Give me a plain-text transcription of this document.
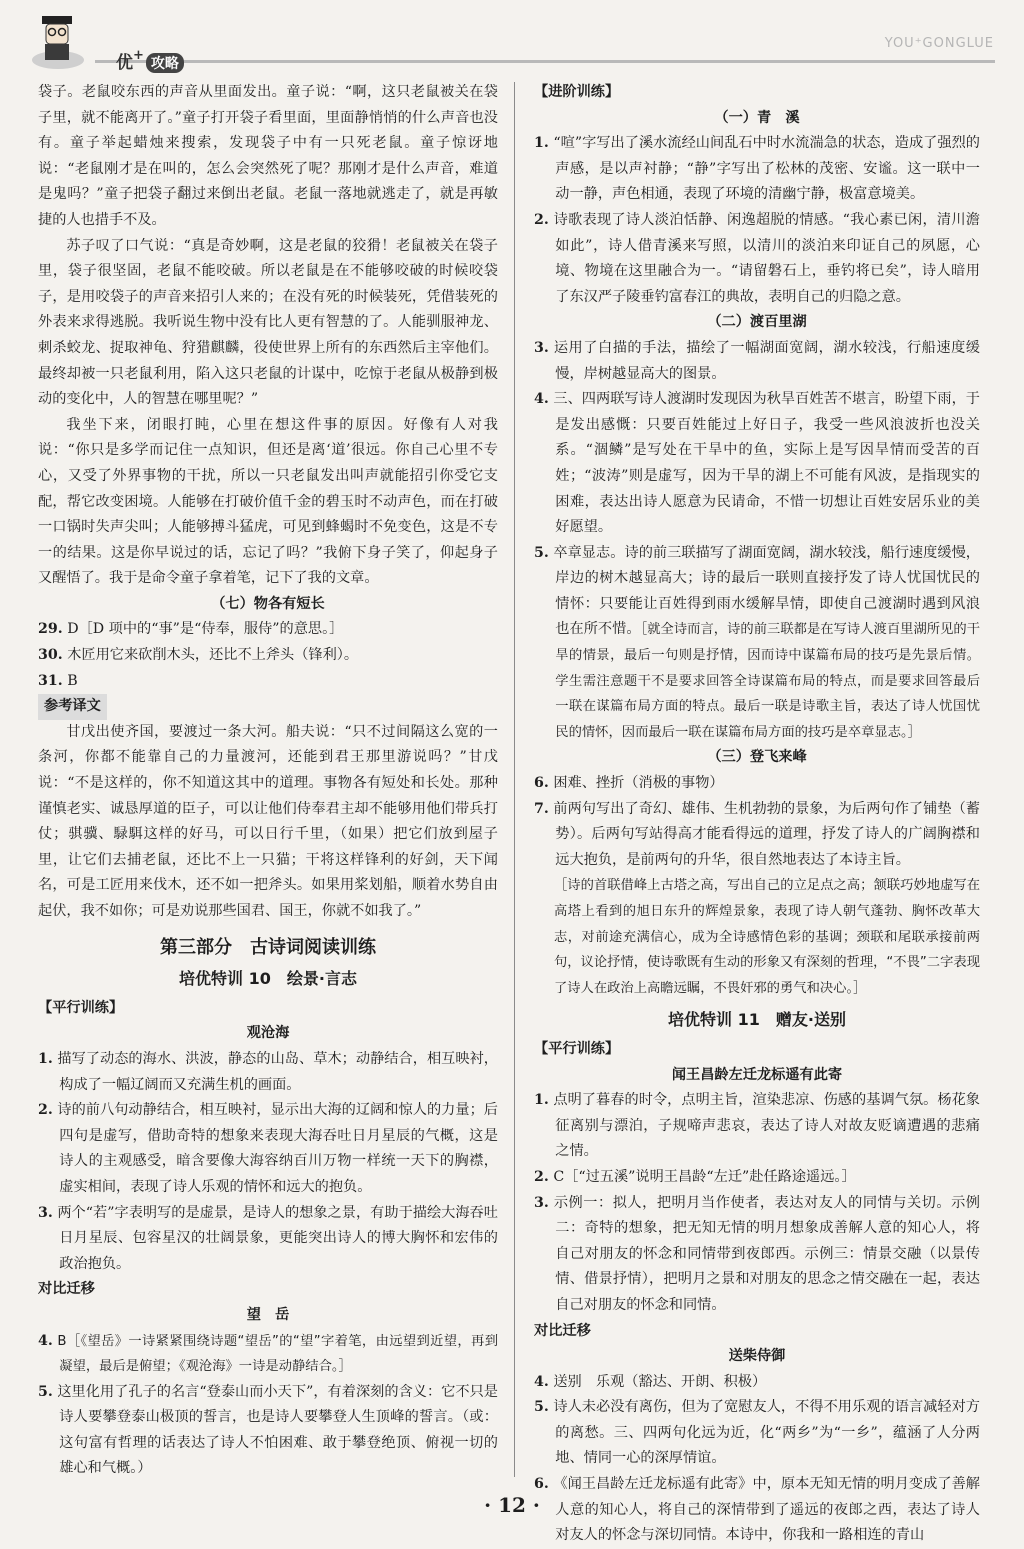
优+攻略
YOU⁺GONGLUE

袋子。老鼠咬东西的声音从里面发出。童子说：“啊，这只老鼠被关在袋子里，就不能离开了。”童子打开袋子看里面，里面静悄悄的什么声音也没有。童子举起蜡烛来搜索，发现袋子中有一只死老鼠。童子惊讶地说：“老鼠刚才是在叫的，怎么会突然死了呢？那刚才是什么声音，难道是鬼吗？”童子把袋子翻过来倒出老鼠。老鼠一落地就逃走了，就是再敏捷的人也措手不及。

苏子叹了口气说：“真是奇妙啊，这是老鼠的狡猾！老鼠被关在袋子里，袋子很坚固，老鼠不能咬破。所以老鼠是在不能够咬破的时候咬袋子，是用咬袋子的声音来招引人来的；在没有死的时候装死，凭借装死的外表来求得逃脱。我听说生物中没有比人更有智慧的了。人能驯服神龙、刺杀蛟龙、捉取神龟、狩猎麒麟，役使世界上所有的东西然后主宰他们。最终却被一只老鼠利用，陷入这只老鼠的计谋中，吃惊于老鼠从极静到极动的变化中，人的智慧在哪里呢？”

我坐下来，闭眼打盹，心里在想这件事的原因。好像有人对我说：“你只是多学而记住一点知识，但还是离‘道’很远。你自己心里不专心，又受了外界事物的干扰，所以一只老鼠发出叫声就能招引你受它支配，帮它改变困境。人能够在打破价值千金的碧玉时不动声色，而在打破一口锅时失声尖叫；人能够搏斗猛虎，可见到蜂蝎时不免变色，这是不专一的结果。这是你早说过的话，忘记了吗？”我俯下身子笑了，仰起身子又醒悟了。我于是命令童子拿着笔，记下了我的文章。

（七）物各有短长

29. D［D 项中的“事”是“侍奉，服侍”的意思。］

30. 木匠用它来砍削木头，还比不上斧头（锋利）。

31. B

参考译文

甘戊出使齐国，要渡过一条大河。船夫说：“只不过间隔这么宽的一条河，你都不能靠自己的力量渡河，还能到君王那里游说吗？”甘戊说：“不是这样的，你不知道这其中的道理。事物各有短处和长处。那种谨慎老实、诚恳厚道的臣子，可以让他们侍奉君主却不能够用他们带兵打仗；骐骥、騄駬这样的好马，可以日行千里，（如果）把它们放到屋子里，让它们去捕老鼠，还比不上一只猫；干将这样锋利的好剑，天下闻名，可是工匠用来伐木，还不如一把斧头。如果用桨划船，顺着水势自由起伏，我不如你；可是劝说那些国君、国王，你就不如我了。”

第三部分　古诗词阅读训练
培优特训 10　绘景·言志

【平行训练】

观沧海

1. 描写了动态的海水、洪波，静态的山岛、草木；动静结合，相互映衬，构成了一幅辽阔而又充满生机的画面。

2. 诗的前八句动静结合，相互映衬，显示出大海的辽阔和惊人的力量；后四句是虚写，借助奇特的想象来表现大海吞吐日月星辰的气概，这是诗人的主观感受，暗含要像大海容纳百川万物一样统一天下的胸襟，虚实相间，表现了诗人乐观的情怀和远大的抱负。

3. 两个“若”字表明写的是虚景，是诗人的想象之景，有助于描绘大海吞吐日月星辰、包容星汉的壮阔景象，更能突出诗人的博大胸怀和宏伟的政治抱负。

对比迁移

望　岳

4. B［《望岳》一诗紧紧围绕诗题“望岳”的“望”字着笔，由远望到近望，再到凝望，最后是俯望；《观沧海》一诗是动静结合。］

5. 这里化用了孔子的名言“登泰山而小天下”，有着深刻的含义：它不只是诗人要攀登泰山极顶的誓言，也是诗人要攀登人生顶峰的誓言。（或：这句富有哲理的话表达了诗人不怕困难、敢于攀登绝顶、俯视一切的雄心和气概。）

【进阶训练】

（一）青　溪

1. “喧”字写出了溪水流经山间乱石中时水流湍急的状态，造成了强烈的声感，是以声衬静；“静”字写出了松林的茂密、安谧。这一联中一动一静，声色相通，表现了环境的清幽宁静，极富意境美。

2. 诗歌表现了诗人淡泊恬静、闲逸超脱的情感。“我心素已闲，清川澹如此”，诗人借青溪来写照，以清川的淡泊来印证自己的夙愿，心境、物境在这里融合为一。“请留磐石上，垂钓将已矣”，诗人暗用了东汉严子陵垂钓富春江的典故，表明自己的归隐之意。

（二）渡百里湖

3. 运用了白描的手法，描绘了一幅湖面宽阔，湖水较浅，行船速度缓慢，岸树越显高大的图景。

4. 三、四两联写诗人渡湖时发现因为秋旱百姓苦不堪言，盼望下雨，于是发出感慨：只要百姓能过上好日子，我受一些风浪波折也没关系。“涸鳞”是写处在干旱中的鱼，实际上是写因旱情而受苦的百姓；“波涛”则是虚写，因为干旱的湖上不可能有风波，是指现实的困难，表达出诗人愿意为民请命，不惜一切想让百姓安居乐业的美好愿望。

5. 卒章显志。诗的前三联描写了湖面宽阔，湖水较浅，船行速度缓慢，岸边的树木越显高大；诗的最后一联则直接抒发了诗人忧国忧民的情怀：只要能让百姓得到雨水缓解旱情，即使自己渡湖时遇到风浪也在所不惜。［就全诗而言，诗的前三联都是在写诗人渡百里湖所见的干旱的情景，最后一句则是抒情，因而诗中谋篇布局的技巧是先景后情。学生需注意题干不是要求回答全诗谋篇布局的特点，而是要求回答最后一联在谋篇布局方面的特点。最后一联是诗歌主旨，表达了诗人忧国忧民的情怀，因而最后一联在谋篇布局方面的技巧是卒章显志。］

（三）登飞来峰

6. 困难、挫折（消极的事物）

7. 前两句写出了奇幻、雄伟、生机勃勃的景象，为后两句作了铺垫（蓄势）。后两句写站得高才能看得远的道理，抒发了诗人的广阔胸襟和远大抱负，是前两句的升华，很自然地表达了本诗主旨。

［诗的首联借峰上古塔之高，写出自己的立足点之高；颔联巧妙地虚写在高塔上看到的旭日东升的辉煌景象，表现了诗人朝气蓬勃、胸怀改革大志，对前途充满信心，成为全诗感情色彩的基调；颈联和尾联承接前两句，议论抒情，使诗歌既有生动的形象又有深刻的哲理，“不畏”二字表现了诗人在政治上高瞻远瞩，不畏奸邪的勇气和决心。］

培优特训 11　赠友·送别

【平行训练】

闻王昌龄左迁龙标遥有此寄

1. 点明了暮春的时令，点明主旨，渲染悲凉、伤感的基调气氛。杨花象征离别与漂泊，子规啼声悲哀，表达了诗人对故友贬谪遭遇的悲痛之情。

2. C［“过五溪”说明王昌龄“左迁”赴任路途遥远。］

3. 示例一：拟人，把明月当作使者，表达对友人的同情与关切。示例二：奇特的想象，把无知无情的明月想象成善解人意的知心人，将自己对朋友的怀念和同情带到夜郎西。示例三：情景交融（以景传情、借景抒情），把明月之景和对朋友的思念之情交融在一起，表达自己对朋友的怀念和同情。

对比迁移

送柴侍御

4. 送别　乐观（豁达、开朗、积极）

5. 诗人未必没有离伤，但为了宽慰友人，不得不用乐观的语言减轻对方的离愁。三、四两句化远为近，化“两乡”为“一乡”，蕴涵了人分两地、情同一心的深厚情谊。

6. 《闻王昌龄左迁龙标遥有此寄》中，原本无知无情的明月变成了善解人意的知心人，将自己的深情带到了遥远的夜郎之西，表达了诗人对友人的怀念与深切同情。本诗中，你我和一路相连的青山

· 12 ·
